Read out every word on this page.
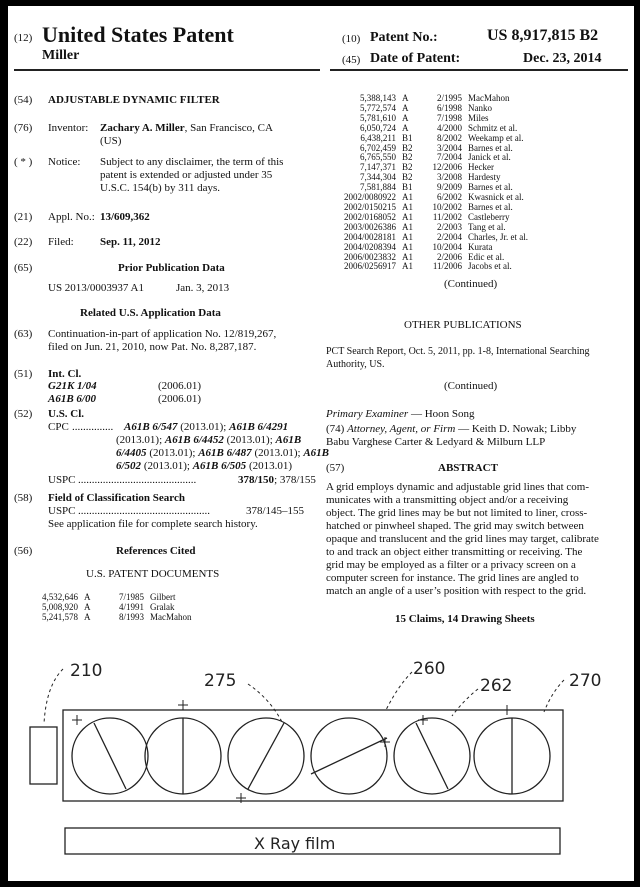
(12) United States Patent
Miller
(10) Patent No.:	US 8,917,815 B2
(45) Date of Patent:	Dec. 23, 2014
(54) ADJUSTABLE DYNAMIC FILTER
(76) Inventor: Zachary A. Miller, San Francisco, CA
(US)
( * ) Notice: Subject to any disclaimer, the term of this
patent is extended or adjusted under 35
U.S.C. 154(b) by 311 days.
(21) Appl. No.: 13/609,362
(22) Filed: Sep. 11, 2012
(65)	Prior Publication Data
US 2013/0003937 A1	Jan. 3, 2013
Related U.S. Application Data
(63) Continuation-in-part of application No. 12/819,267,
filed on Jun. 21, 2010, now Pat. No. 8,287,187.
(51) Int. Cl.
G21K 1/04	(2006.01)
A61B 6/00	(2006.01)
(52) U.S. Cl.
CPC ............... A61B 6/547 (2013.01); A61B 6/4291
(2013.01); A61B 6/4452 (2013.01); A61B
6/4405 (2013.01); A61B 6/487 (2013.01); A61B
6/502 (2013.01); A61B 6/505 (2013.01)
USPC ...........................................	378/150; 378/155
(58) Field of Classification Search
USPC ................................................	378/145–155
See application file for complete search history.
(56)	References Cited
U.S. PATENT DOCUMENTS
4,532,646	A	7/1985	Gilbert
5,008,920	A	4/1991	Gralak
5,241,578	A	8/1993	MacMahon
5,388,143	A	2/1995	MacMahon
5,772,574	A	6/1998	Nanko
5,781,610	A	7/1998	Miles
6,050,724	A	4/2000	Schmitz et al.
6,438,211	B1	8/2002	Weekamp et al.
6,702,459	B2	3/2004	Barnes et al.
6,765,550	B2	7/2004	Janick et al.
7,147,371	B2	12/2006	Hecker
7,344,304	B2	3/2008	Hardesty
7,581,884	B1	9/2009	Barnes et al.
2002/0080922	A1	6/2002	Kwasnick et al.
2002/0150215	A1	10/2002	Barnes et al.
2002/0168052	A1	11/2002	Castleberry
2003/0026386	A1	2/2003	Tang et al.
2004/0028181	A1	2/2004	Charles, Jr. et al.
2004/0208394	A1	10/2004	Kurata
2006/0023832	A1	2/2006	Edic et al.
2006/0256917	A1	11/2006	Jacobs et al.
(Continued)
OTHER PUBLICATIONS
PCT Search Report, Oct. 5, 2011, pp. 1-8, International Searching
Authority, US.
(Continued)
Primary Examiner — Hoon Song
(74) Attorney, Agent, or Firm — Keith D. Nowak; Libby
Babu Varghese Carter & Ledyard & Milburn LLP
(57)	ABSTRACT
A grid employs dynamic and adjustable grid lines that com-
municates with a transmitting object and/or a receiving
object. The grid lines may be but not limited to liner, cross-
hatched or pinwheel shaped. The grid may switch between
opaque and translucent and the grid lines may target, calibrate
to and track an object either transmitting or receiving. The
grid may be employed as a filter or a privacy screen on a
computer screen for instance. The grid lines are angled to
match an angle of a user’s position with respect to the grid.
15 Claims, 14 Drawing Sheets
210	275
260
262	270
X Ray film
